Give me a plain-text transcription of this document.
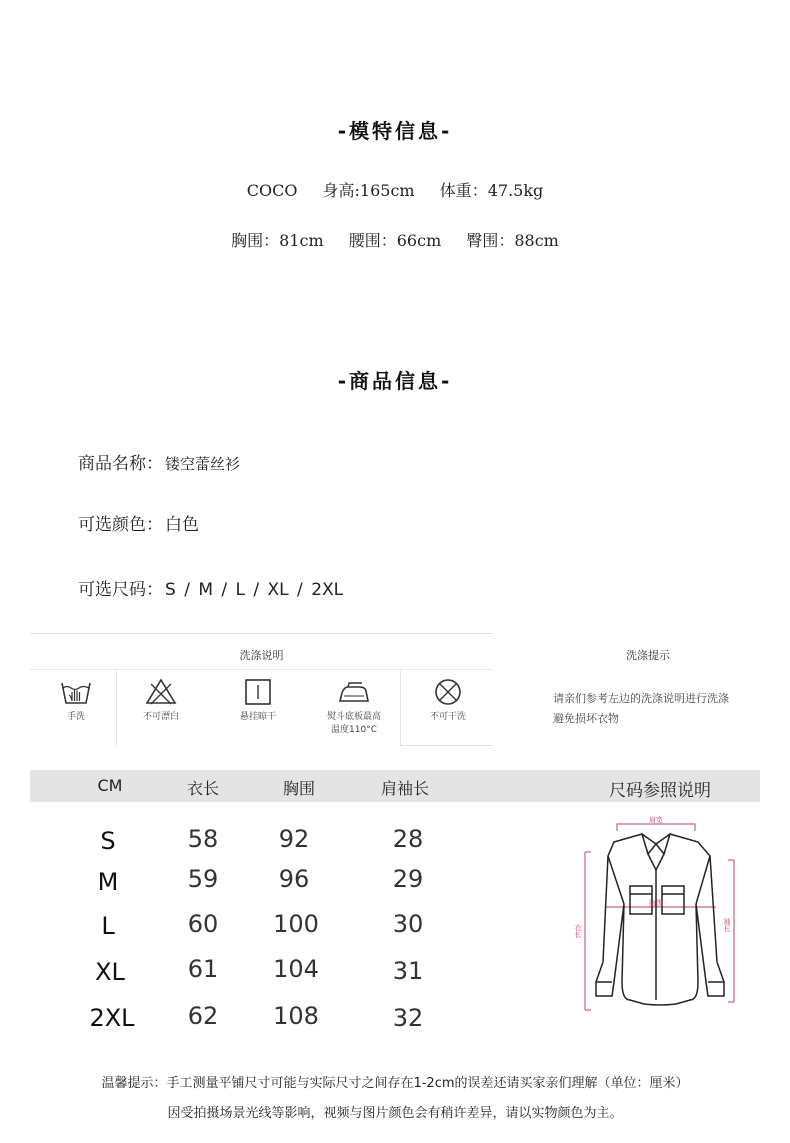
-模特信息-
COCO 身高:165cm 体重：47.5kg
胸围：81cm 腰围：66cm 臀围：88cm
-商品信息-
商品名称： 镂空蕾丝衫
可选颜色： 白色
可选尺码： S / M / L / XL / 2XL
洗涤说明
手洗	不可漂白	悬挂晾干	熨斗底板最高
温度110°C
不可干洗
洗涤提示
请亲们参考左边的洗涤说明进行洗涤
避免损坏衣物
CM	衣长	胸围	肩袖长	尺码参照说明
S	58	92	28
M	59	96	29
L	60	100	30
XL	61	104	31
2XL	62	108	32
肩宽
胸围
衣长	袖长
温馨提示：手工测量平铺尺寸可能与实际尺寸之间存在1-2cm的误差还请买家亲们理解（单位：厘米）
因受拍摄场景光线等影响，视频与图片颜色会有稍许差异，请以实物颜色为主。
